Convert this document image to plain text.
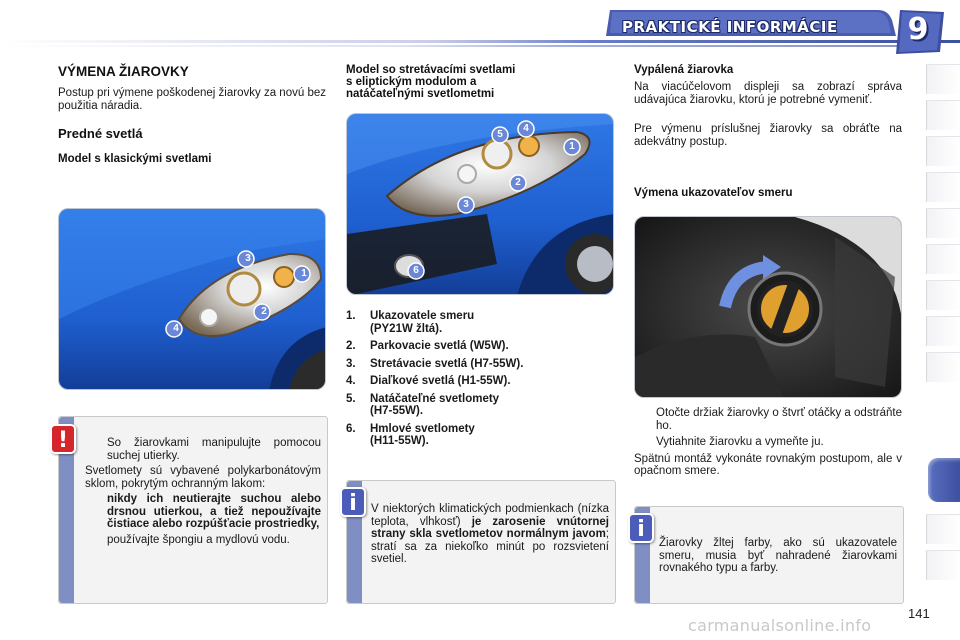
PRAKTICKÉ INFORMÁCIE	9
VÝMENA ŽIAROVKY
Postup pri výmene poškodenej žiarovky za novú bez použitia náradia.
Predné svetlá
Model s klasickými svetlami
3
1
2
4
So žiarovkami manipulujte pomocou suchej utierky.
Svetlomety sú vybavené polykarbonátovým sklom, pokrytým ochranným lakom:
nikdy ich neutierajte suchou alebo drsnou utierkou, a tiež nepoužívajte čistiace alebo rozpúšťacie prostriedky,
používajte špongiu a mydlovú vodu.
!
Model so stretávacími svetlami
s eliptickým modulom a
natáčateľnými svetlometmi
5
4
1
2
3
6
1. Ukazovatele smeru
(PY21W žltá).
2. Parkovacie svetlá (W5W).
3. Stretávacie svetlá (H7-55W).
4. Diaľkové svetlá (H1-55W).
5. Natáčateľné svetlomety
(H7-55W).
6. Hmlové svetlomety
(H11-55W).
V niektorých klimatických podmienkach (nízka teplota, vlhkosť) je zarosenie vnútornej strany skla svetlometov normálnym javom; stratí sa za niekoľko minút po rozsvietení svetiel.
i
Vypálená žiarovka
Na viacúčelovom displeji sa zobrazí správa udávajúca žiarovku, ktorú je potrebné vymeniť.
Pre výmenu príslušnej žiarovky sa obráťte na adekvátny postup.
Výmena ukazovateľov smeru
Otočte držiak žiarovky o štvrť otáčky a odstráňte ho.
Vytiahnite žiarovku a vymeňte ju.
Spätnú montáž vykonáte rovnakým postupom, ale v opačnom smere.
Žiarovky žltej farby, ako sú ukazovatele smeru, musia byť nahradené žiarovkami rovnakého typu a farby.
i
141
carmanualsonline.info
